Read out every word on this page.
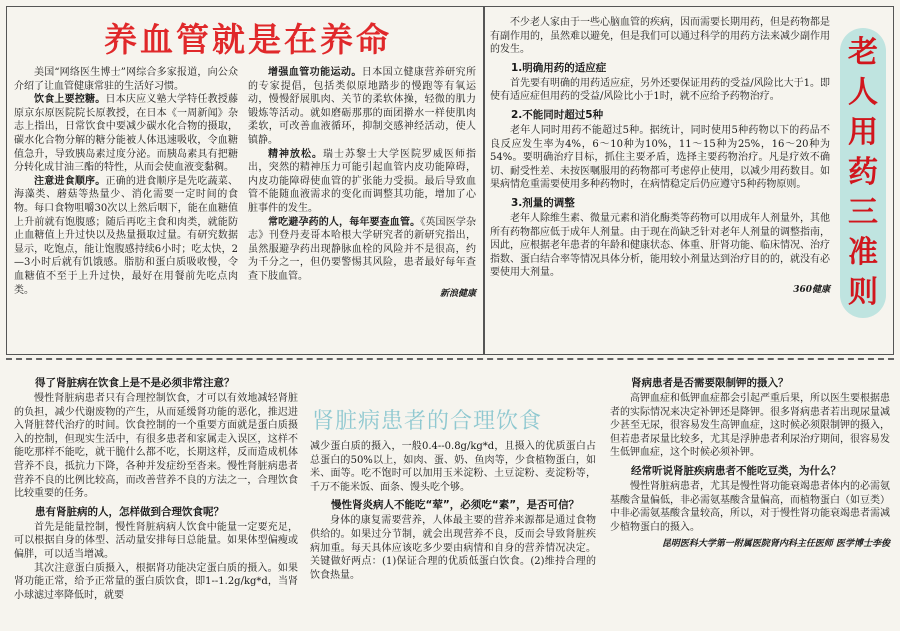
养血管就是在养命

美国“网络医生博士”网综合多家报道，向公众介绍了让血管健康常驻的生活好习惯。

饮食上要控糖。日本庆应义塾大学特任教授藤原京东原医院院长原教授，在日本《一周新闻》杂志上指出，日常饮食中要减少碳水化合物的摄取，碳水化合物分解的糖分能被人体迅速吸收，令血糖值急升，导致胰岛素过度分泌。而胰岛素具有把糖分转化成甘油三酯的特性，从而会使血液变黏稠。

注意进食顺序。正确的进食顺序是先吃蔬菜、海藻类、蘑菇等热量少、消化需要一定时间的食物。每口食物咀嚼30次以上然后咽下，能在血糖值上升前就有饱腹感；随后再吃主食和肉类，就能防止血糖值上升过快以及热量摄取过量。有研究数据显示，吃饱点，能让饱腹感持续6小时；吃太快，2—3小时后就有饥饿感。脂肪和蛋白质吸收慢，令血糖值不至于上升过快，最好在用餐前先吃点肉类。

增强血管功能运动。日本国立健康营养研究所的专家提倡，包括类似原地踏步的慢跑等有氧运动，慢慢舒展肌肉、关节的柔软体操，轻微的肌力锻炼等活动。就如磨砺那那的面团擀水一样使肌肉柔软，可改善血液循环，抑制交感神经活动，使人镇静。

精神放松。瑞士苏黎士大学医院罗威医师指出，突然的精神压力可能引起血管内皮功能障碍，内皮功能障碍使血管的扩张能力受损。最后导致血管不能随血液需求的变化而调整其功能，增加了心脏事件的发生。

常吃避孕药的人，每年要查血管。《英国医学杂志》刊登丹麦哥本哈根大学研究者的新研究指出，虽然服避孕药出现静脉血栓的风险并不是很高，约为千分之一，但仍要警惕其风险，患者最好每年查查下肢血管。

新浪健康

不少老人家由于一些心脑血管的疾病，因而需要长期用药，但是药物都是有副作用的，虽然难以避免，但是我们可以通过科学的用药方法来减少副作用的发生。

1.明确用药的适应症

首先要有明确的用药适应症，另外还要保证用药的受益/风险比大于1。即使有适应症但用药的受益/风险比小于1时，就不应给予药物治疗。

2.不能同时超过5种

老年人同时用药不能超过5种。据统计，同时使用5种药物以下的药品不良反应发生率为4%，6～10种为10%，11～15种为25%，16～20种为54%。要明确治疗目标，抓住主要矛盾，选择主要药物治疗。凡是疗效不确切、耐受性差、未按医嘱服用的药物都可考虑停止使用，以减少用药数目。如果病情危重需要使用多种药物时，在病情稳定后仍应遵守5种药物原则。

3.剂量的调整

老年人除维生素、微量元素和消化酶类等药物可以用成年人剂量外，其他所有药物都应低于成年人剂量。由于现在尚缺乏针对老年人剂量的调整指南，因此，应根据老年患者的年龄和健康状态、体重、肝肾功能、临床情况、治疗指数、蛋白结合率等情况具体分析，能用较小剂量达到治疗目的的，就没有必要使用大剂量。

360健康
老
人
用
药
三
准
则
肾脏病患者的合理饮食
得了肾脏病在饮食上是不是必须非常注意？

慢性肾脏病患者只有合理控制饮食，才可以有效地减轻肾脏的负担，减少代谢废物的产生，从而延缓肾功能的恶化，推迟进入肾脏替代治疗的时间。饮食控制的一个重要方面就是蛋白质摄入的控制，但现实生活中，有很多患者和家属走入误区，这样不能吃那样不能吃，就干脆什么都不吃，长期这样，反而造成机体营养不良，抵抗力下降，各种并发症纷至沓来。慢性肾脏病患者营养不良的比例比较高，而改善营养不良的方法之一，合理饮食比较重要的任务。

患有肾脏病的人，怎样做到合理饮食呢？

首先是能量控制，慢性肾脏病病人饮食中能量一定要充足，可以根据自身的体型、活动量安排每日总能量。如果体型偏瘦或偏胖，可以适当增减。

其次注意蛋白质摄入，根据肾功能决定蛋白质的摄入。如果肾功能正常，给予正常量的蛋白质饮食，即1--1.2g/kg*d，当肾小球滤过率降低时，就要

减少蛋白质的摄入，一般0.4--0.8g/kg*d，且摄入的优质蛋白占总蛋白的50%以上，如肉、蛋、奶、鱼肉等，少食植物蛋白，如米、面等。吃不饱时可以加用玉米淀粉、土豆淀粉、麦淀粉等，千万不能米饭、面条、馒头吃个够。

慢性肾炎病人不能吃“荤”，必须吃“素”，是否可信？

身体的康复需要营养，人体最主要的营养来源都是通过食物供给的。如果过分节制，就会出现营养不良，反而会导致肾脏疾病加重。每天具体应该吃多少要由病情和自身的营养情况决定。关键做好两点：(1)保证合理的优质低蛋白饮食。(2)维持合理的饮食热量。

肾病患者是否需要限制钾的摄入？

高钾血症和低钾血症都会引起严重后果，所以医生要根据患者的实际情况来决定补钾还是降钾。很多肾病患者若出现尿量减少甚至无尿，很容易发生高钾血症，这时候必须限制钾的摄入，但若患者尿量比较多，尤其是浮肿患者利尿治疗期间，很容易发生低钾血症，这个时候必须补钾。

经常听说肾脏疾病患者不能吃豆类，为什么？

慢性肾脏病患者，尤其是慢性肾功能衰竭患者体内的必需氨基酸含量偏低，非必需氨基酸含量偏高，而植物蛋白（如豆类）中非必需氨基酸含量较高，所以，对于慢性肾功能衰竭患者需减少植物蛋白的摄入。

昆明医科大学第一附属医院肾内科主任医师 医学博士李俊
